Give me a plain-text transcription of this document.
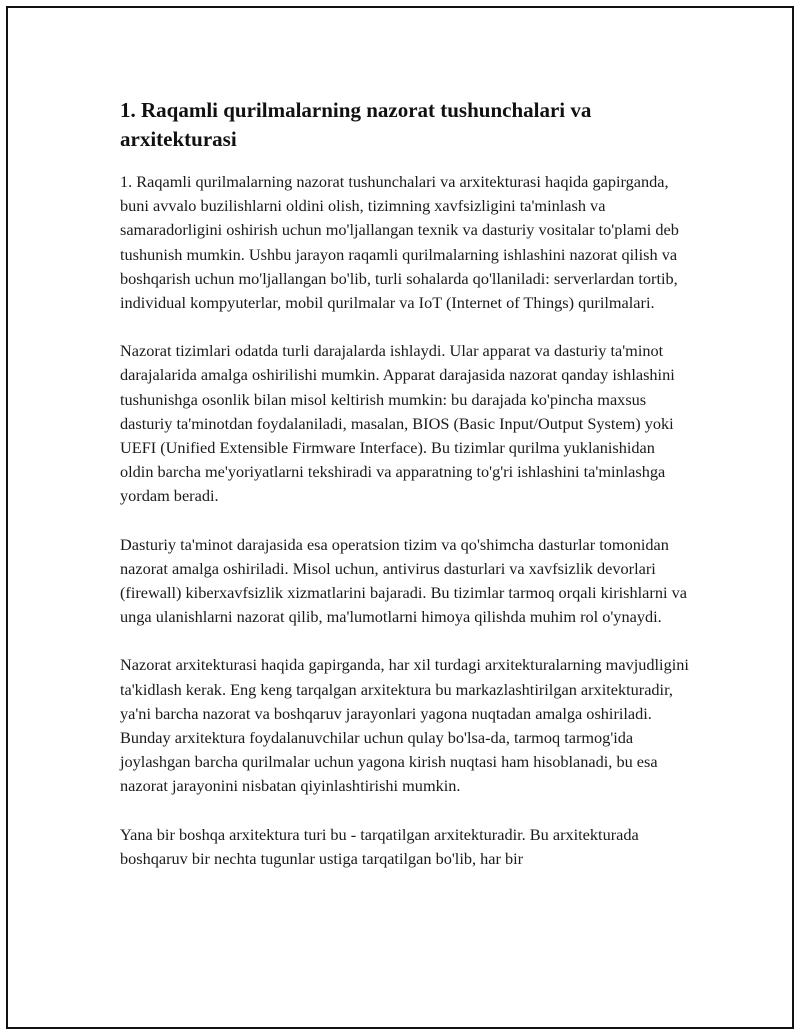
1. Raqamli qurilmalarning nazorat tushunchalari va arxitekturasi

1. Raqamli qurilmalarning nazorat tushunchalari va arxitekturasi haqida gapirganda, buni avvalo buzilishlarni oldini olish, tizimning xavfsizligini ta'minlash va samaradorligini oshirish uchun mo'ljallangan texnik va dasturiy vositalar to'plami deb tushunish mumkin. Ushbu jarayon raqamli qurilmalarning ishlashini nazorat qilish va boshqarish uchun mo'ljallangan bo'lib, turli sohalarda qo'llaniladi: serverlardan tortib, individual kompyuterlar, mobil qurilmalar va IoT (Internet of Things) qurilmalari.

Nazorat tizimlari odatda turli darajalarda ishlaydi. Ular apparat va dasturiy ta'minot darajalarida amalga oshirilishi mumkin. Apparat darajasida nazorat qanday ishlashini tushunishga osonlik bilan misol keltirish mumkin: bu darajada ko'pincha maxsus dasturiy ta'minotdan foydalaniladi, masalan, BIOS (Basic Input/Output System) yoki UEFI (Unified Extensible Firmware Interface). Bu tizimlar qurilma yuklanishidan oldin barcha me'yoriyatlarni tekshiradi va apparatning to'g'ri ishlashini ta'minlashga yordam beradi.

Dasturiy ta'minot darajasida esa operatsion tizim va qo'shimcha dasturlar tomonidan nazorat amalga oshiriladi. Misol uchun, antivirus dasturlari va xavfsizlik devorlari (firewall) kiberxavfsizlik xizmatlarini bajaradi. Bu tizimlar tarmoq orqali kirishlarni va unga ulanishlarni nazorat qilib, ma'lumotlarni himoya qilishda muhim rol o'ynaydi.

Nazorat arxitekturasi haqida gapirganda, har xil turdagi arxitekturalarning mavjudligini ta'kidlash kerak. Eng keng tarqalgan arxitektura bu markazlashtirilgan arxitekturadir, ya'ni barcha nazorat va boshqaruv jarayonlari yagona nuqtadan amalga oshiriladi. Bunday arxitektura foydalanuvchilar uchun qulay bo'lsa-da, tarmoq tarmog'ida joylashgan barcha qurilmalar uchun yagona kirish nuqtasi ham hisoblanadi, bu esa nazorat jarayonini nisbatan qiyinlashtirishi mumkin.

Yana bir boshqa arxitektura turi bu - tarqatilgan arxitekturadir. Bu arxitekturada boshqaruv bir nechta tugunlar ustiga tarqatilgan bo'lib, har bir
